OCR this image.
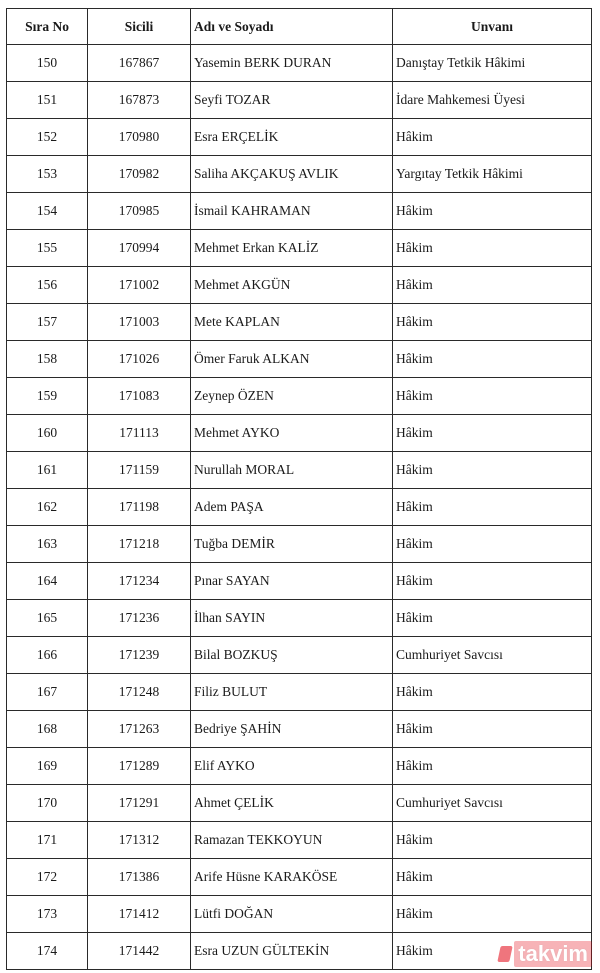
Sıra No	Sicili	Adı ve Soyadı	Unvanı
150	167867	Yasemin BERK DURAN	Danıştay Tetkik Hâkimi
151	167873	Seyfi TOZAR	İdare Mahkemesi Üyesi
152	170980	Esra ERÇELİK	Hâkim
153	170982	Saliha AKÇAKUŞ AVLIK	Yargıtay Tetkik Hâkimi
154	170985	İsmail KAHRAMAN	Hâkim
155	170994	Mehmet Erkan KALİZ	Hâkim
156	171002	Mehmet AKGÜN	Hâkim
157	171003	Mete KAPLAN	Hâkim
158	171026	Ömer Faruk ALKAN	Hâkim
159	171083	Zeynep ÖZEN	Hâkim
160	171113	Mehmet AYKO	Hâkim
161	171159	Nurullah MORAL	Hâkim
162	171198	Adem PAŞA	Hâkim
163	171218	Tuğba DEMİR	Hâkim
164	171234	Pınar SAYAN	Hâkim
165	171236	İlhan SAYIN	Hâkim
166	171239	Bilal BOZKUŞ	Cumhuriyet Savcısı
167	171248	Filiz BULUT	Hâkim
168	171263	Bedriye ŞAHİN	Hâkim
169	171289	Elif AYKO	Hâkim
170	171291	Ahmet ÇELİK	Cumhuriyet Savcısı
171	171312	Ramazan TEKKOYUN	Hâkim
172	171386	Arife Hüsne KARAKÖSE	Hâkim
173	171412	Lütfi DOĞAN	Hâkim
174	171442	Esra UZUN GÜLTEKİN	Hâkim	takvim
